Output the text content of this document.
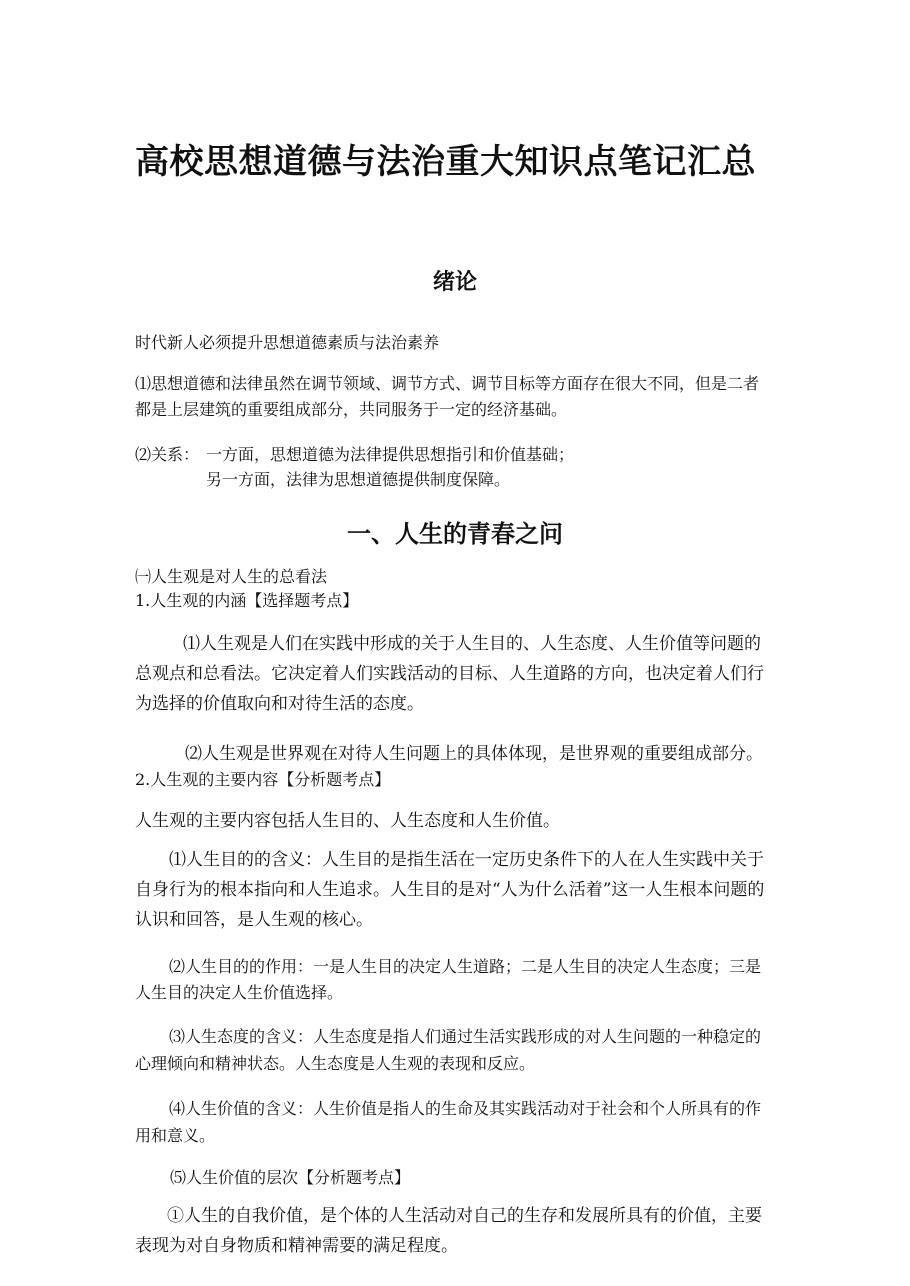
高校思想道德与法治重大知识点笔记汇总
绪论

时代新人必须提升思想道德素质与法治素养

⑴思想道德和法律虽然在调节领域、调节方式、调节目标等方面存在很大不同，但是二者都是上层建筑的重要组成部分，共同服务于一定的经济基础。

⑵关系： 一方面，思想道德为法律提供思想指引和价值基础；

另一方面，法律为思想道德提供制度保障。

一、人生的青春之问

㈠人生观是对人生的总看法

1.人生观的内涵【选择题考点】

⑴人生观是人们在实践中形成的关于人生目的、人生态度、人生价值等问题的总观点和总看法。它决定着人们实践活动的目标、人生道路的方向，也决定着人们行为选择的价值取向和对待生活的态度。

⑵人生观是世界观在对待人生问题上的具体体现，是世界观的重要组成部分。

2.人生观的主要内容【分析题考点】

人生观的主要内容包括人生目的、人生态度和人生价值。

⑴人生目的的含义：人生目的是指生活在一定历史条件下的人在人生实践中关于自身行为的根本指向和人生追求。人生目的是对“人为什么活着”这一人生根本问题的认识和回答，是人生观的核心。

⑵人生目的的作用：一是人生目的决定人生道路；二是人生目的决定人生态度；三是人生目的决定人生价值选择。

⑶人生态度的含义：人生态度是指人们通过生活实践形成的对人生问题的一种稳定的心理倾向和精神状态。人生态度是人生观的表现和反应。

⑷人生价值的含义：人生价值是指人的生命及其实践活动对于社会和个人所具有的作用和意义。

⑸人生价值的层次【分析题考点】

①人生的自我价值，是个体的人生活动对自己的生存和发展所具有的价值，主要表现为对自身物质和精神需要的满足程度。
